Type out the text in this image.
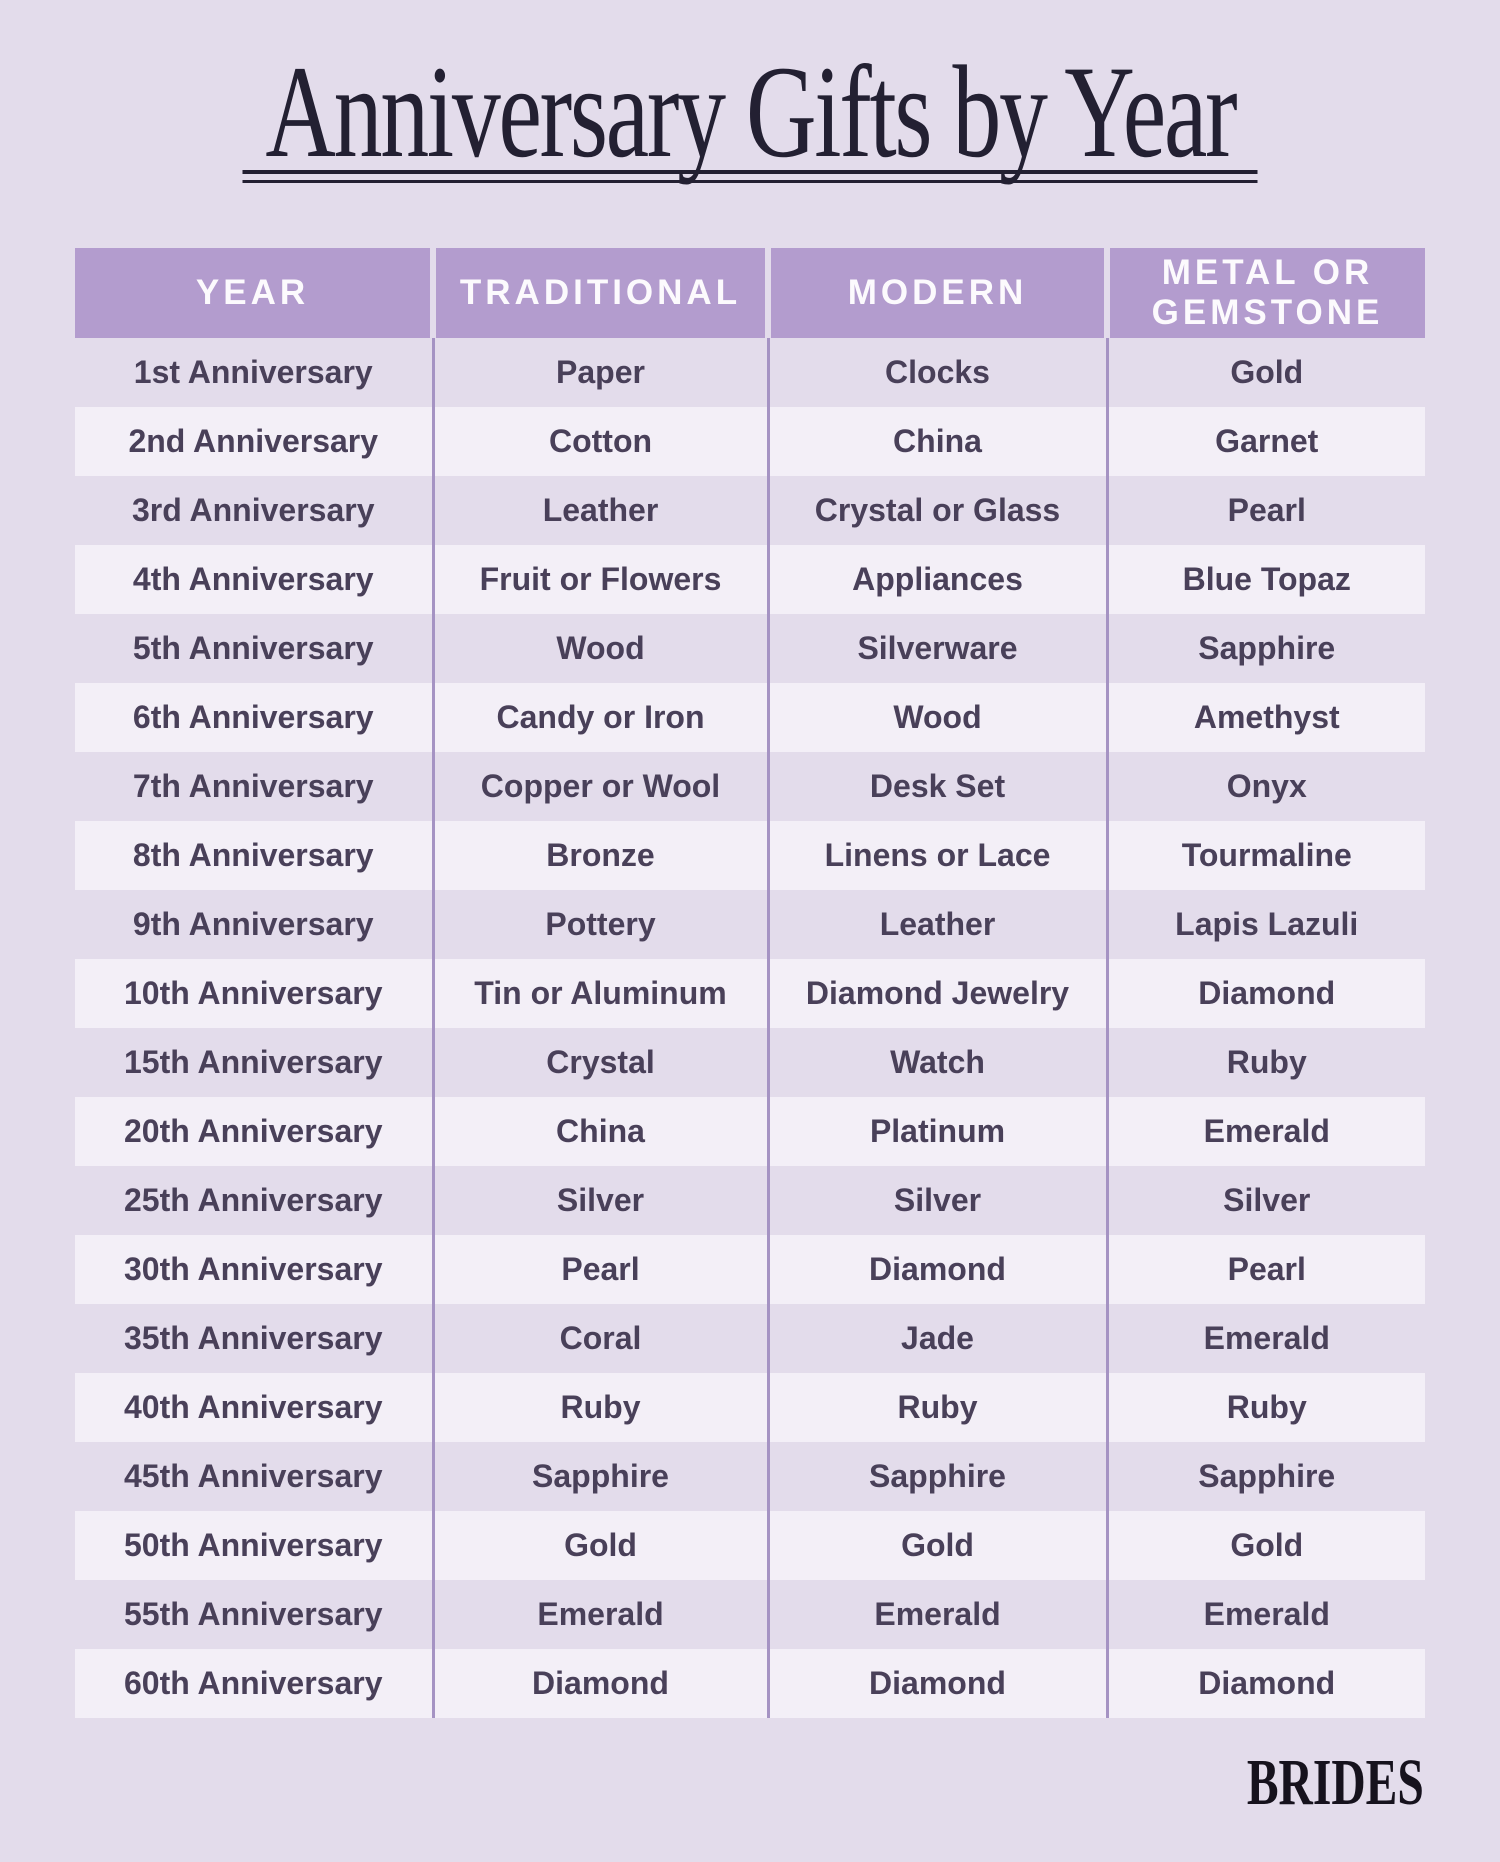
Anniversary Gifts by Year
YEAR	TRADITIONAL	MODERN	METAL OR GEMSTONE
1st Anniversary	Paper	Clocks	Gold
2nd Anniversary	Cotton	China	Garnet
3rd Anniversary	Leather	Crystal or Glass	Pearl
4th Anniversary	Fruit or Flowers	Appliances	Blue Topaz
5th Anniversary	Wood	Silverware	Sapphire
6th Anniversary	Candy or Iron	Wood	Amethyst
7th Anniversary	Copper or Wool	Desk Set	Onyx
8th Anniversary	Bronze	Linens or Lace	Tourmaline
9th Anniversary	Pottery	Leather	Lapis Lazuli
10th Anniversary	Tin or Aluminum	Diamond Jewelry	Diamond
15th Anniversary	Crystal	Watch	Ruby
20th Anniversary	China	Platinum	Emerald
25th Anniversary	Silver	Silver	Silver
30th Anniversary	Pearl	Diamond	Pearl
35th Anniversary	Coral	Jade	Emerald
40th Anniversary	Ruby	Ruby	Ruby
45th Anniversary	Sapphire	Sapphire	Sapphire
50th Anniversary	Gold	Gold	Gold
55th Anniversary	Emerald	Emerald	Emerald
60th Anniversary	Diamond	Diamond	Diamond
BRIDES
